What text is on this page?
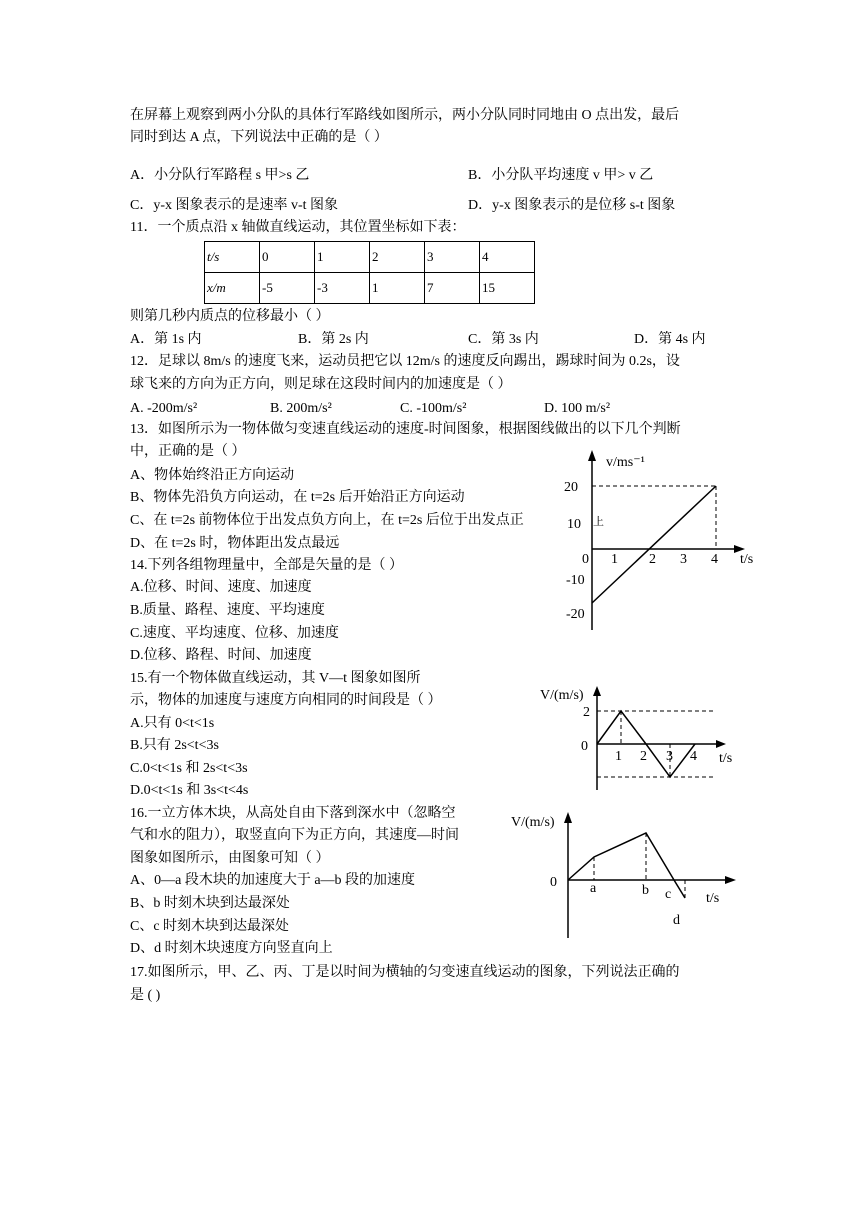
在屏幕上观察到两小分队的具体行军路线如图所示，两小分队同时同地由 O 点出发，最后
同时到达 A 点，下列说法中正确的是（ ）
A．小分队行军路程 s 甲>s 乙	B．小分队平均速度 v 甲> v 乙
C．y-x 图象表示的是速率 v-t 图象	D．y-x 图象表示的是位移 s-t 图象
11．一个质点沿 x 轴做直线运动，其位置坐标如下表：
t/s	0	1	2	3	4
x/m	-5	-3	1	7	15
则第几秒内质点的位移最小（ ）
A．第 1s 内	B．第 2s 内	C．第 3s 内	D．第 4s 内
12．足球以 8m/s 的速度飞来，运动员把它以 12m/s 的速度反向踢出，踢球时间为 0.2s，设
球飞来的方向为正方向，则足球在这段时间内的加速度是（ ）
A. -200m/s²	B. 200m/s²	C. -100m/s²	D. 100 m/s²
13．如图所示为一物体做匀变速直线运动的速度-时间图象，根据图线做出的以下几个判断
中，正确的是（ ）
A、物体始终沿正方向运动
B、物体先沿负方向运动，在 t=2s 后开始沿正方向运动
C、在 t=2s 前物体位于出发点负方向上，在 t=2s 后位于出发点正
D、在 t=2s 时，物体距出发点最远
v/ms⁻¹
20
10 上
0 1 2 3 4 t/s
-10
-20
14.下列各组物理量中，全部是矢量的是（ ）
A.位移、时间、速度、加速度
B.质量、路程、速度、平均速度
C.速度、平均速度、位移、加速度
D.位移、路程、时间、加速度
15.有一个物体做直线运动，其 V—t 图象如图所
示，物体的加速度与速度方向相同的时间段是（ ）
A.只有 0<t<1s
B.只有 2s<t<3s
C.0<t<1s 和 2s<t<3s
D.0<t<1s 和 3s<t<4s
V/(m/s)
2
0
1 2 3 4 t/s
16.一立方体木块，从高处自由下落到深水中（忽略空
气和水的阻力），取竖直向下为正方向，其速度—时间
图象如图所示，由图象可知（ ）
A、0—a 段木块的加速度大于 a—b 段的加速度
B、b 时刻木块到达最深处
C、c 时刻木块到达最深处
D、d 时刻木块速度方向竖直向上
V/(m/s)
0 a	b c
d
t/s
17.如图所示，甲、乙、丙、丁是以时间为横轴的匀变速直线运动的图象，下列说法正确的
是 ( )
